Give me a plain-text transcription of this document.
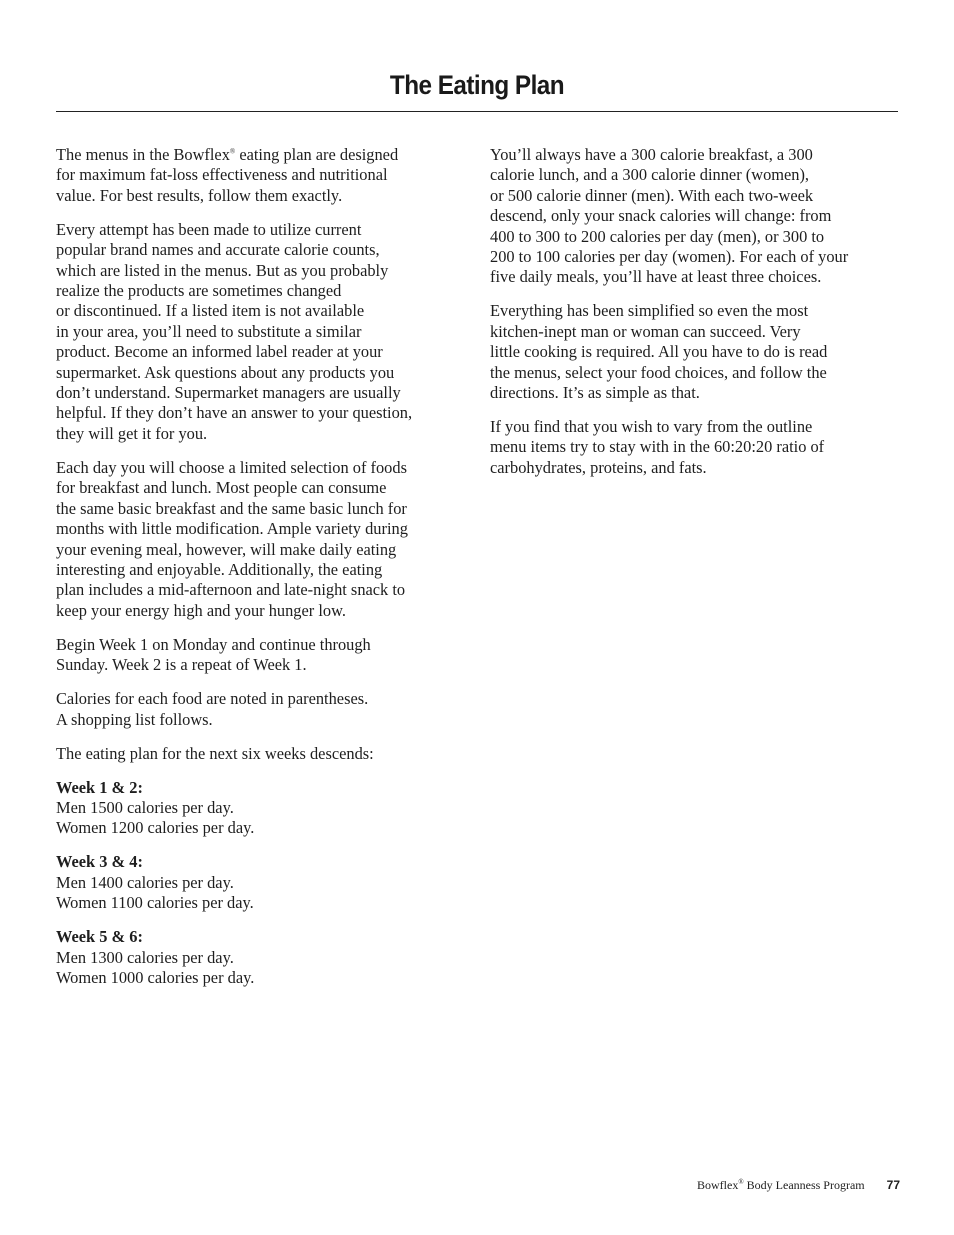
The Eating Plan

The menus in the Bowflex® eating plan are designed
for maximum fat-loss effectiveness and nutritional
value. For best results, follow them exactly.

Every attempt has been made to utilize current
popular brand names and accurate calorie counts,
which are listed in the menus. But as you probably
realize the products are sometimes changed
or discontinued. If a listed item is not available
in your area, you’ll need to substitute a similar
product. Become an informed label reader at your
supermarket. Ask questions about any products you
don’t understand. Supermarket managers are usually
helpful. If they don’t have an answer to your question,
they will get it for you.

Each day you will choose a limited selection of foods
for breakfast and lunch. Most people can consume
the same basic breakfast and the same basic lunch for
months with little modification. Ample variety during
your evening meal, however, will make daily eating
interesting and enjoyable. Additionally, the eating
plan includes a mid-afternoon and late-night snack to
keep your energy high and your hunger low.

Begin Week 1 on Monday and continue through
Sunday. Week 2 is a repeat of Week 1.

Calories for each food are noted in parentheses.
A shopping list follows.

The eating plan for the next six weeks descends:

Week 1 & 2:
Men 1500 calories per day.
Women 1200 calories per day.

Week 3 & 4:
Men 1400 calories per day.
Women 1100 calories per day.

Week 5 & 6:
Men 1300 calories per day.
Women 1000 calories per day.

You’ll always have a 300 calorie breakfast, a 300
calorie lunch, and a 300 calorie dinner (women),
or 500 calorie dinner (men). With each two-week
descend, only your snack calories will change: from
400 to 300 to 200 calories per day (men), or 300 to
200 to 100 calories per day (women). For each of your
five daily meals, you’ll have at least three choices.

Everything has been simplified so even the most
kitchen-inept man or woman can succeed. Very
little cooking is required. All you have to do is read
the menus, select your food choices, and follow the
directions. It’s as simple as that.

If you find that you wish to vary from the outline
menu items try to stay with in the 60:20:20 ratio of
carbohydrates, proteins, and fats.

Bowflex® Body Leanness Program 77
